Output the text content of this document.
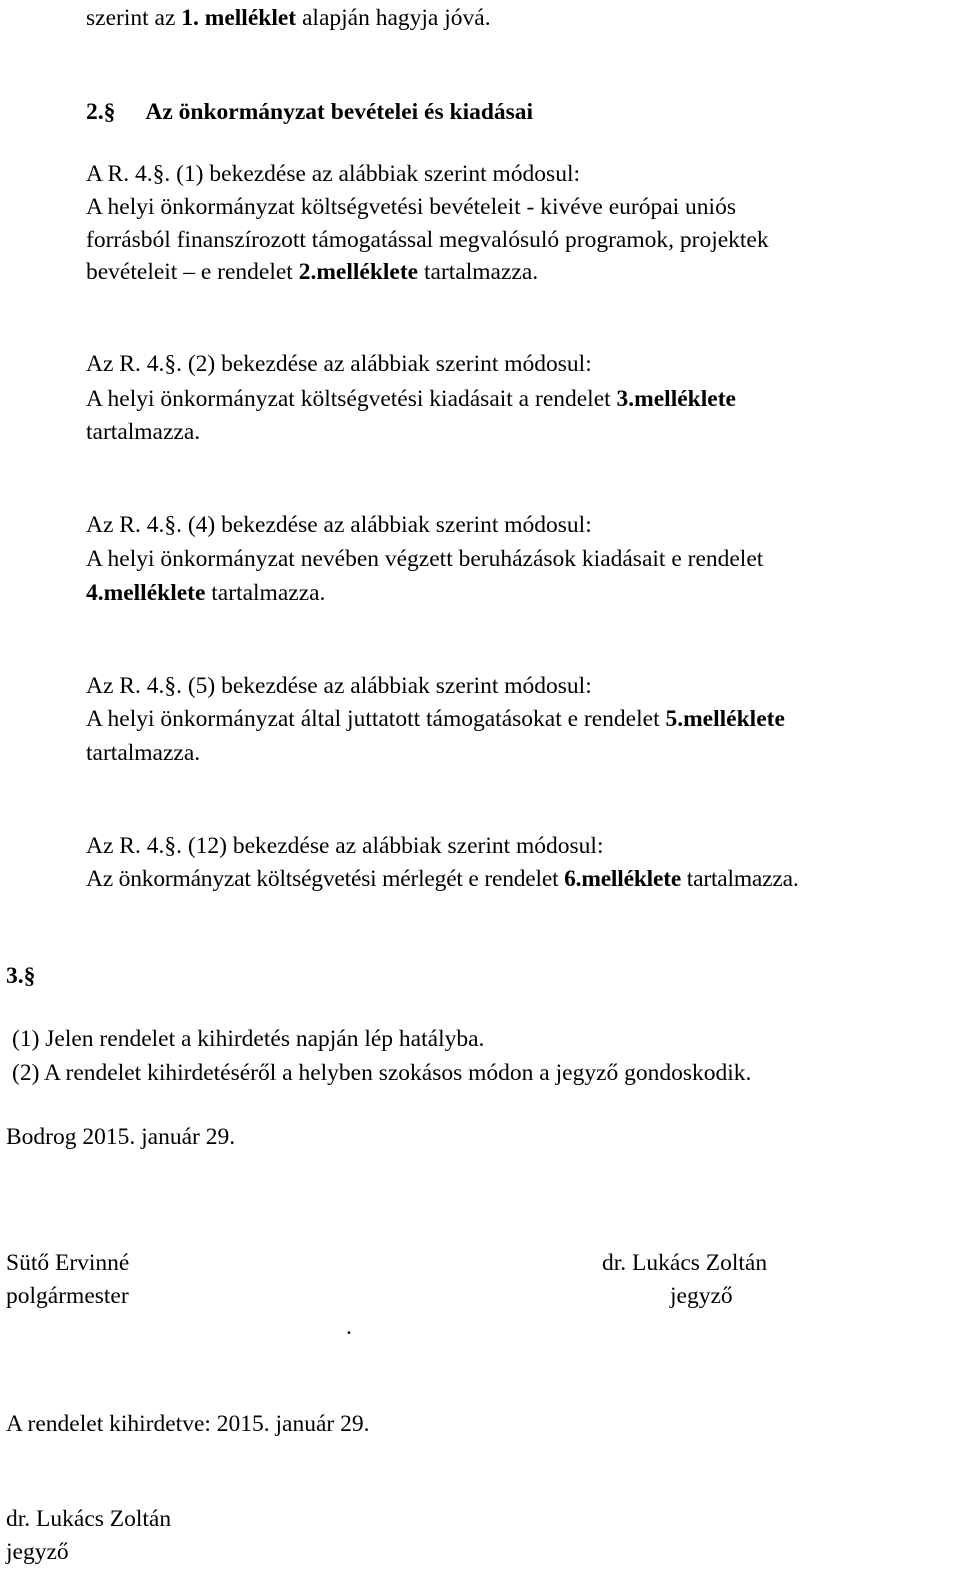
szerint az 1. melléklet alapján hagyja jóvá.
2.§ Az önkormányzat bevételei és kiadásai
A R. 4.§. (1) bekezdése az alábbiak szerint módosul:
A helyi önkormányzat költségvetési bevételeit - kivéve európai uniós
forrásból finanszírozott támogatással megvalósuló programok, projektek
bevételeit – e rendelet 2.melléklete tartalmazza.
Az R. 4.§. (2) bekezdése az alábbiak szerint módosul:
A helyi önkormányzat költségvetési kiadásait a rendelet 3.melléklete
tartalmazza.
Az R. 4.§. (4) bekezdése az alábbiak szerint módosul:
A helyi önkormányzat nevében végzett beruházások kiadásait e rendelet
4.melléklete tartalmazza.
Az R. 4.§. (5) bekezdése az alábbiak szerint módosul:
A helyi önkormányzat által juttatott támogatásokat e rendelet 5.melléklete
tartalmazza.
Az R. 4.§. (12) bekezdése az alábbiak szerint módosul:
Az önkormányzat költségvetési mérlegét e rendelet 6.melléklete tartalmazza.
3.§
(1) Jelen rendelet a kihirdetés napján lép hatályba.
(2) A rendelet kihirdetéséről a helyben szokásos módon a jegyző gondoskodik.
Bodrog 2015. január 29.
Sütő Ervinné
polgármester
dr. Lukács Zoltán
jegyző
.
A rendelet kihirdetve: 2015. január 29.
dr. Lukács Zoltán
jegyző
